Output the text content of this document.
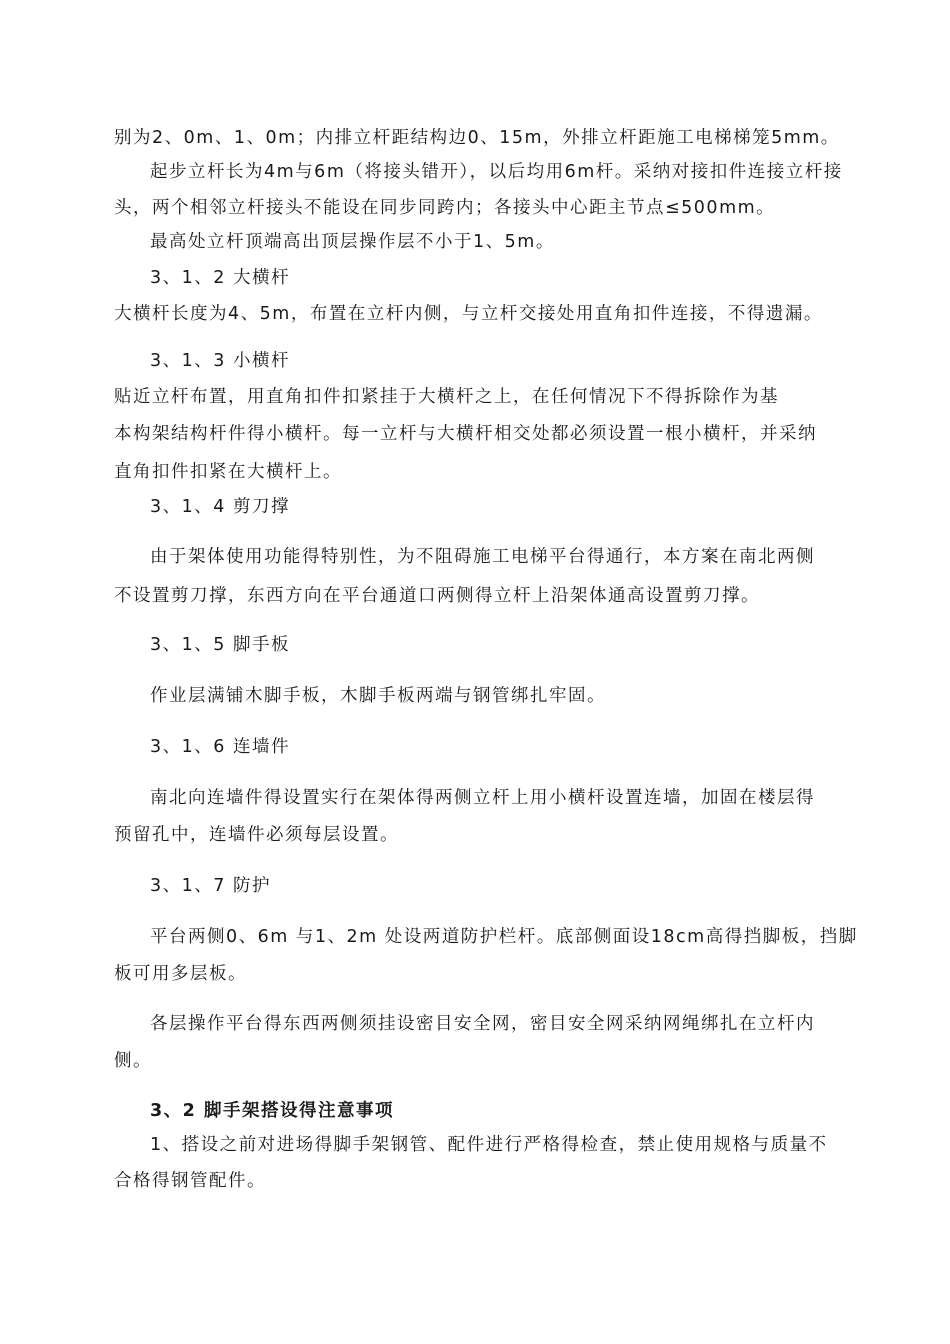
别为2、0m、1、0m；内排立杆距结构边0、15m，外排立杆距施工电梯梯笼5mm。
起步立杆长为4m与6m（将接头错开），以后均用6m杆。采纳对接扣件连接立杆接
头，两个相邻立杆接头不能设在同步同跨内；各接头中心距主节点≤500mm。
最高处立杆顶端高出顶层操作层不小于1、5m。
3、1、2 大横杆
大横杆长度为4、5m，布置在立杆内侧，与立杆交接处用直角扣件连接，不得遗漏。
3、1、3 小横杆
贴近立杆布置，用直角扣件扣紧挂于大横杆之上，在任何情况下不得拆除作为基
本构架结构杆件得小横杆。每一立杆与大横杆相交处都必须设置一根小横杆，并采纳
直角扣件扣紧在大横杆上。
3、1、4 剪刀撑
由于架体使用功能得特别性，为不阻碍施工电梯平台得通行，本方案在南北两侧
不设置剪刀撑，东西方向在平台通道口两侧得立杆上沿架体通高设置剪刀撑。
3、1、5 脚手板
作业层满铺木脚手板，木脚手板两端与钢管绑扎牢固。
3、1、6 连墙件
南北向连墙件得设置实行在架体得两侧立杆上用小横杆设置连墙，加固在楼层得
预留孔中，连墙件必须每层设置。
3、1、7 防护
平台两侧0、6m 与1、2m 处设两道防护栏杆。底部侧面设18cm高得挡脚板，挡脚
板可用多层板。
各层操作平台得东西两侧须挂设密目安全网，密目安全网采纳网绳绑扎在立杆内
侧。
3、2 脚手架搭设得注意事项
1、搭设之前对进场得脚手架钢管、配件进行严格得检查，禁止使用规格与质量不
合格得钢管配件。
